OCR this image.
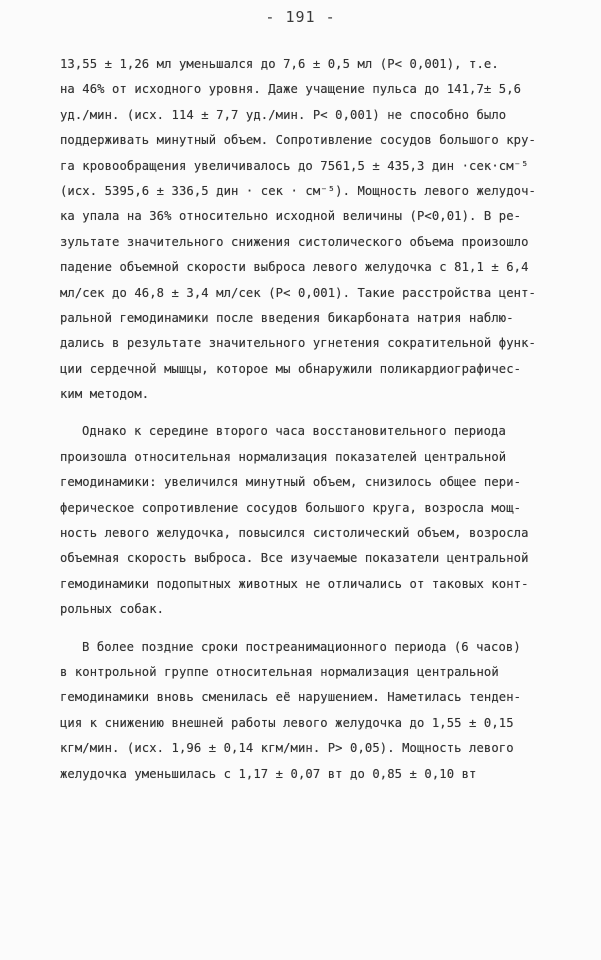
- 191 -
13,55 ± 1,26 мл уменьшался до 7,6 ± 0,5 мл (P< 0,001), т.е.
на 46% от исходного уровня. Даже учащение пульса до 141,7± 5,6
уд./мин. (исх. 114 ± 7,7 уд./мин. P< 0,001) не способно было
поддерживать минутный объем. Сопротивление сосудов большого кру-
га кровообращения увеличивалось до 7561,5 ± 435,3 дин ·сек·см⁻⁵
(исх. 5395,6 ± 336,5 дин · сек · см⁻⁵). Мощность левого желудоч-
ка упала на 36% относительно исходной величины (P<0,01). В ре-
зультате значительного снижения систолического объема произошло
падение объемной скорости выброса левого желудочка с 81,1 ± 6,4
мл/сек до 46,8 ± 3,4 мл/сек (P< 0,001). Такие расстройства цент-
ральной гемодинамики после введения бикарбоната натрия наблю-
дались в результате значительного угнетения сократительной функ-
ции сердечной мышцы, которое мы обнаружили поликардиографичес-
ким методом.
Однако к середине второго часа восстановительного периода
произошла относительная нормализация показателей центральной
гемодинамики: увеличился минутный объем, снизилось общее пери-
ферическое сопротивление сосудов большого круга, возросла мощ-
ность левого желудочка, повысился систолический объем, возросла
объемная скорость выброса. Все изучаемые показатели центральной
гемодинамики подопытных животных не отличались от таковых конт-
рольных собак.
В более поздние сроки постреанимационного периода (6 часов)
в контрольной группе относительная нормализация центральной
гемодинамики вновь сменилась её нарушением. Наметилась тенден-
ция к снижению внешней работы левого желудочка до 1,55 ± 0,15
кгм/мин. (исх. 1,96 ± 0,14 кгм/мин. P> 0,05). Мощность левого
желудочка уменьшилась с 1,17 ± 0,07 вт до 0,85 ± 0,10 вт
